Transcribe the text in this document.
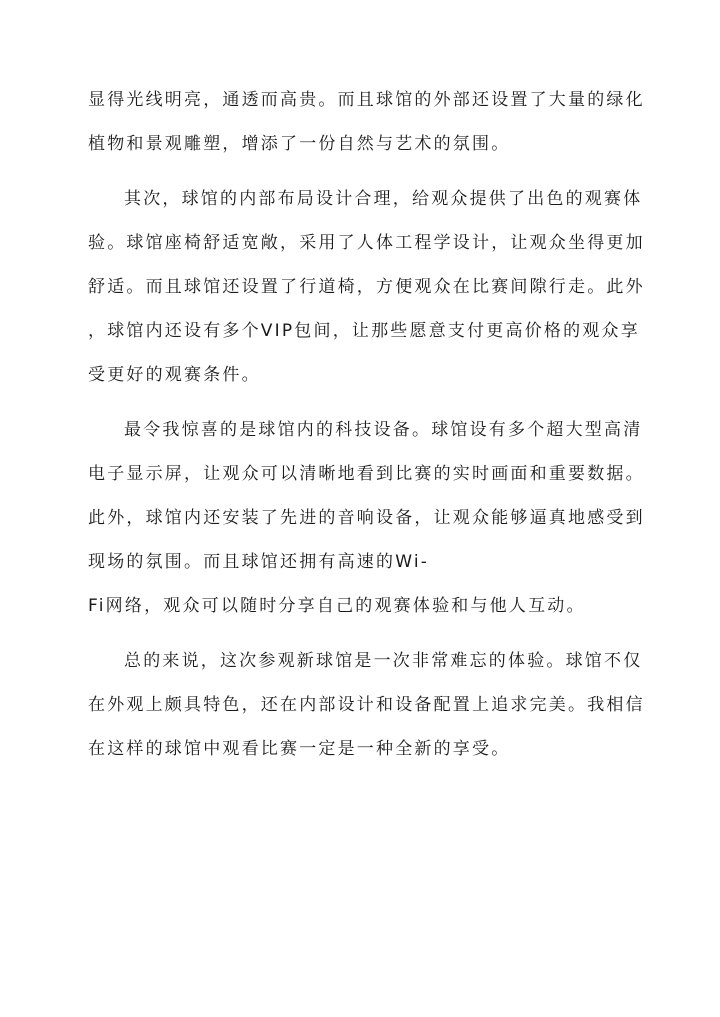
显得光线明亮，通透而高贵。而且球馆的外部还设置了大量的绿化
植物和景观雕塑，增添了一份自然与艺术的氛围。
其次，球馆的内部布局设计合理，给观众提供了出色的观赛体
验。球馆座椅舒适宽敞，采用了人体工程学设计，让观众坐得更加
舒适。而且球馆还设置了行道椅，方便观众在比赛间隙行走。此外
，球馆内还设有多个VIP包间，让那些愿意支付更高价格的观众享
受更好的观赛条件。
最令我惊喜的是球馆内的科技设备。球馆设有多个超大型高清
电子显示屏，让观众可以清晰地看到比赛的实时画面和重要数据。
此外，球馆内还安装了先进的音响设备，让观众能够逼真地感受到
现场的氛围。而且球馆还拥有高速的Wi-
Fi网络，观众可以随时分享自己的观赛体验和与他人互动。
总的来说，这次参观新球馆是一次非常难忘的体验。球馆不仅
在外观上颇具特色，还在内部设计和设备配置上追求完美。我相信
在这样的球馆中观看比赛一定是一种全新的享受。
